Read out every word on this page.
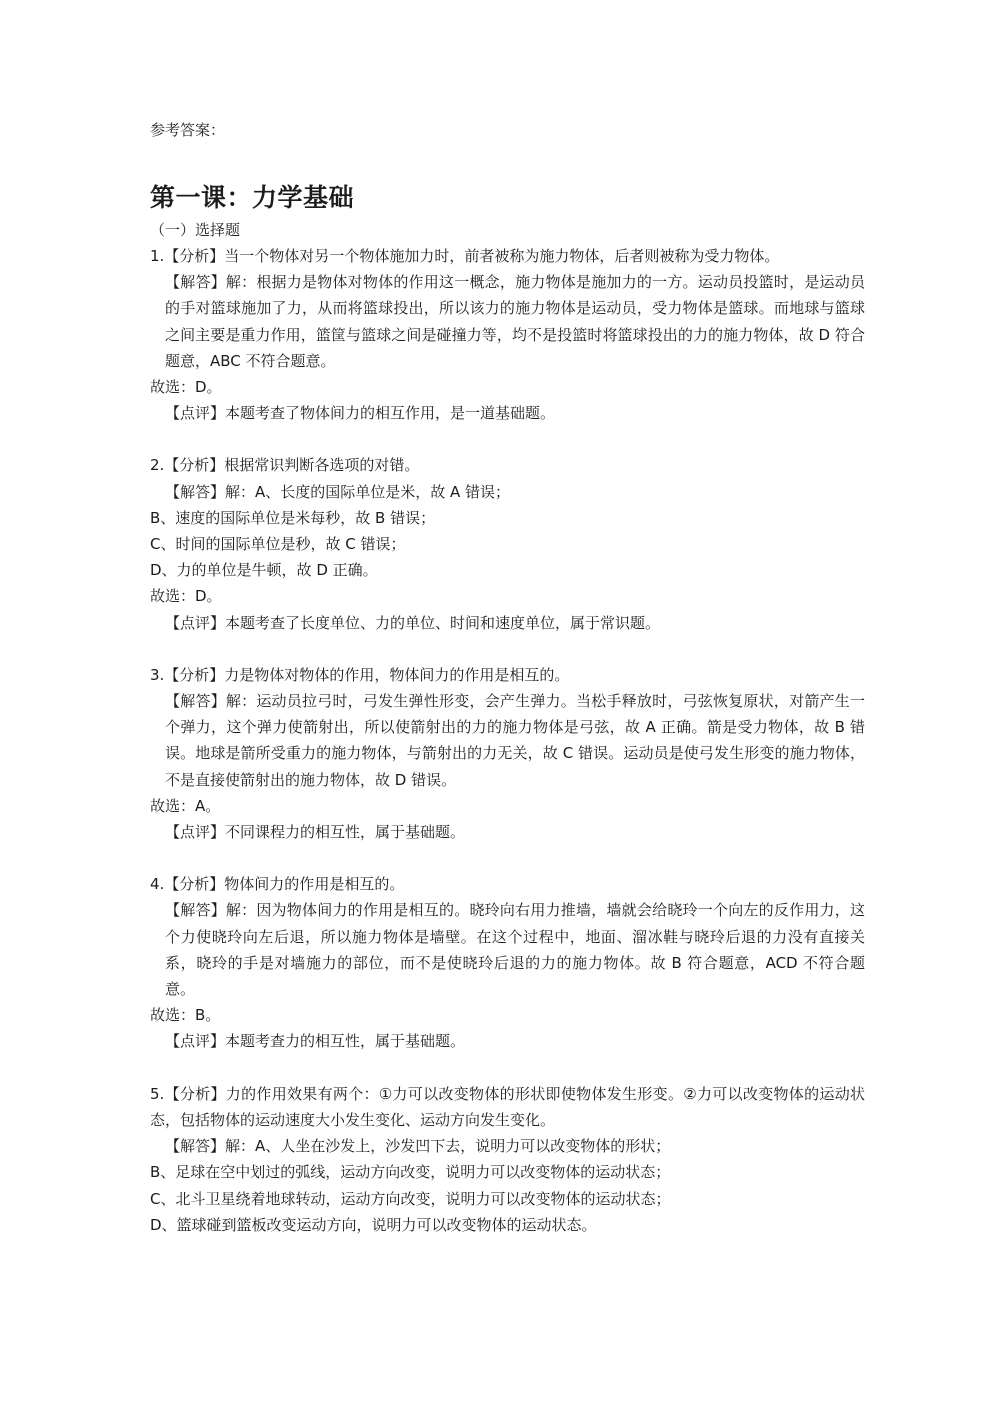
参考答案：

第一课：力学基础

（一）选择题

1.【分析】当一个物体对另一个物体施加力时，前者被称为施力物体，后者则被称为受力物体。

【解答】解：根据力是物体对物体的作用这一概念，施力物体是施加力的一方。运动员投篮时，是运动员的手对篮球施加了力，从而将篮球投出，所以该力的施力物体是运动员，受力物体是篮球。而地球与篮球之间主要是重力作用，篮筐与篮球之间是碰撞力等，均不是投篮时将篮球投出的力的施力物体，故 D 符合题意，ABC 不符合题意。

故选：D。

【点评】本题考查了物体间力的相互作用，是一道基础题。

2.【分析】根据常识判断各选项的对错。

【解答】解：A、长度的国际单位是米，故 A 错误；

B、速度的国际单位是米每秒，故 B 错误；

C、时间的国际单位是秒，故 C 错误；

D、力的单位是牛顿，故 D 正确。

故选：D。

【点评】本题考查了长度单位、力的单位、时间和速度单位，属于常识题。

3.【分析】力是物体对物体的作用，物体间力的作用是相互的。

【解答】解：运动员拉弓时，弓发生弹性形变，会产生弹力。当松手释放时，弓弦恢复原状，对箭产生一个弹力，这个弹力使箭射出，所以使箭射出的力的施力物体是弓弦，故 A 正确。箭是受力物体，故 B 错误。地球是箭所受重力的施力物体，与箭射出的力无关，故 C 错误。运动员是使弓发生形变的施力物体，不是直接使箭射出的施力物体，故 D 错误。

故选：A。

【点评】不同课程力的相互性，属于基础题。

4.【分析】物体间力的作用是相互的。

【解答】解：因为物体间力的作用是相互的。晓玲向右用力推墙，墙就会给晓玲一个向左的反作用力，这个力使晓玲向左后退，所以施力物体是墙壁。在这个过程中，地面、溜冰鞋与晓玲后退的力没有直接关系，晓玲的手是对墙施力的部位，而不是使晓玲后退的力的施力物体。故 B 符合题意，ACD 不符合题意。

故选：B。

【点评】本题考查力的相互性，属于基础题。

5.【分析】力的作用效果有两个：①力可以改变物体的形状即使物体发生形变。②力可以改变物体的运动状态，包括物体的运动速度大小发生变化、运动方向发生变化。

【解答】解：A、人坐在沙发上，沙发凹下去，说明力可以改变物体的形状；

B、足球在空中划过的弧线，运动方向改变，说明力可以改变物体的运动状态；

C、北斗卫星绕着地球转动，运动方向改变，说明力可以改变物体的运动状态；

D、篮球碰到篮板改变运动方向，说明力可以改变物体的运动状态。
